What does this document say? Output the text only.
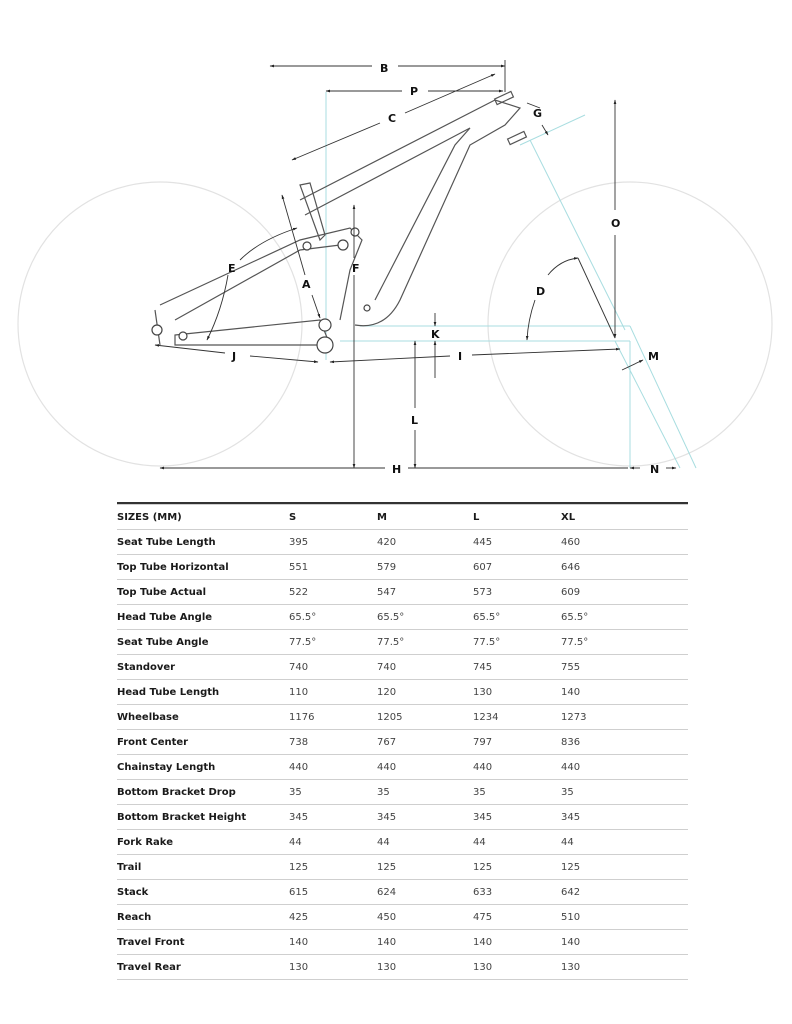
A
B
C
D
E	F
G
H
I
J
K
L
M
N
O
P

SIZES (MM)	S	M	L	XL
Seat Tube Length	395	420	445	460
Top Tube Horizontal	551	579	607	646
Top Tube Actual	522	547	573	609
Head Tube Angle	65.5°	65.5°	65.5°	65.5°
Seat Tube Angle	77.5°	77.5°	77.5°	77.5°
Standover	740	740	745	755
Head Tube Length	110	120	130	140
Wheelbase	1176	1205	1234	1273
Front Center	738	767	797	836
Chainstay Length	440	440	440	440
Bottom Bracket Drop	35	35	35	35
Bottom Bracket Height	345	345	345	345
Fork Rake	44	44	44	44
Trail	125	125	125	125
Stack	615	624	633	642
Reach	425	450	475	510
Travel Front	140	140	140	140
Travel Rear	130	130	130	130
